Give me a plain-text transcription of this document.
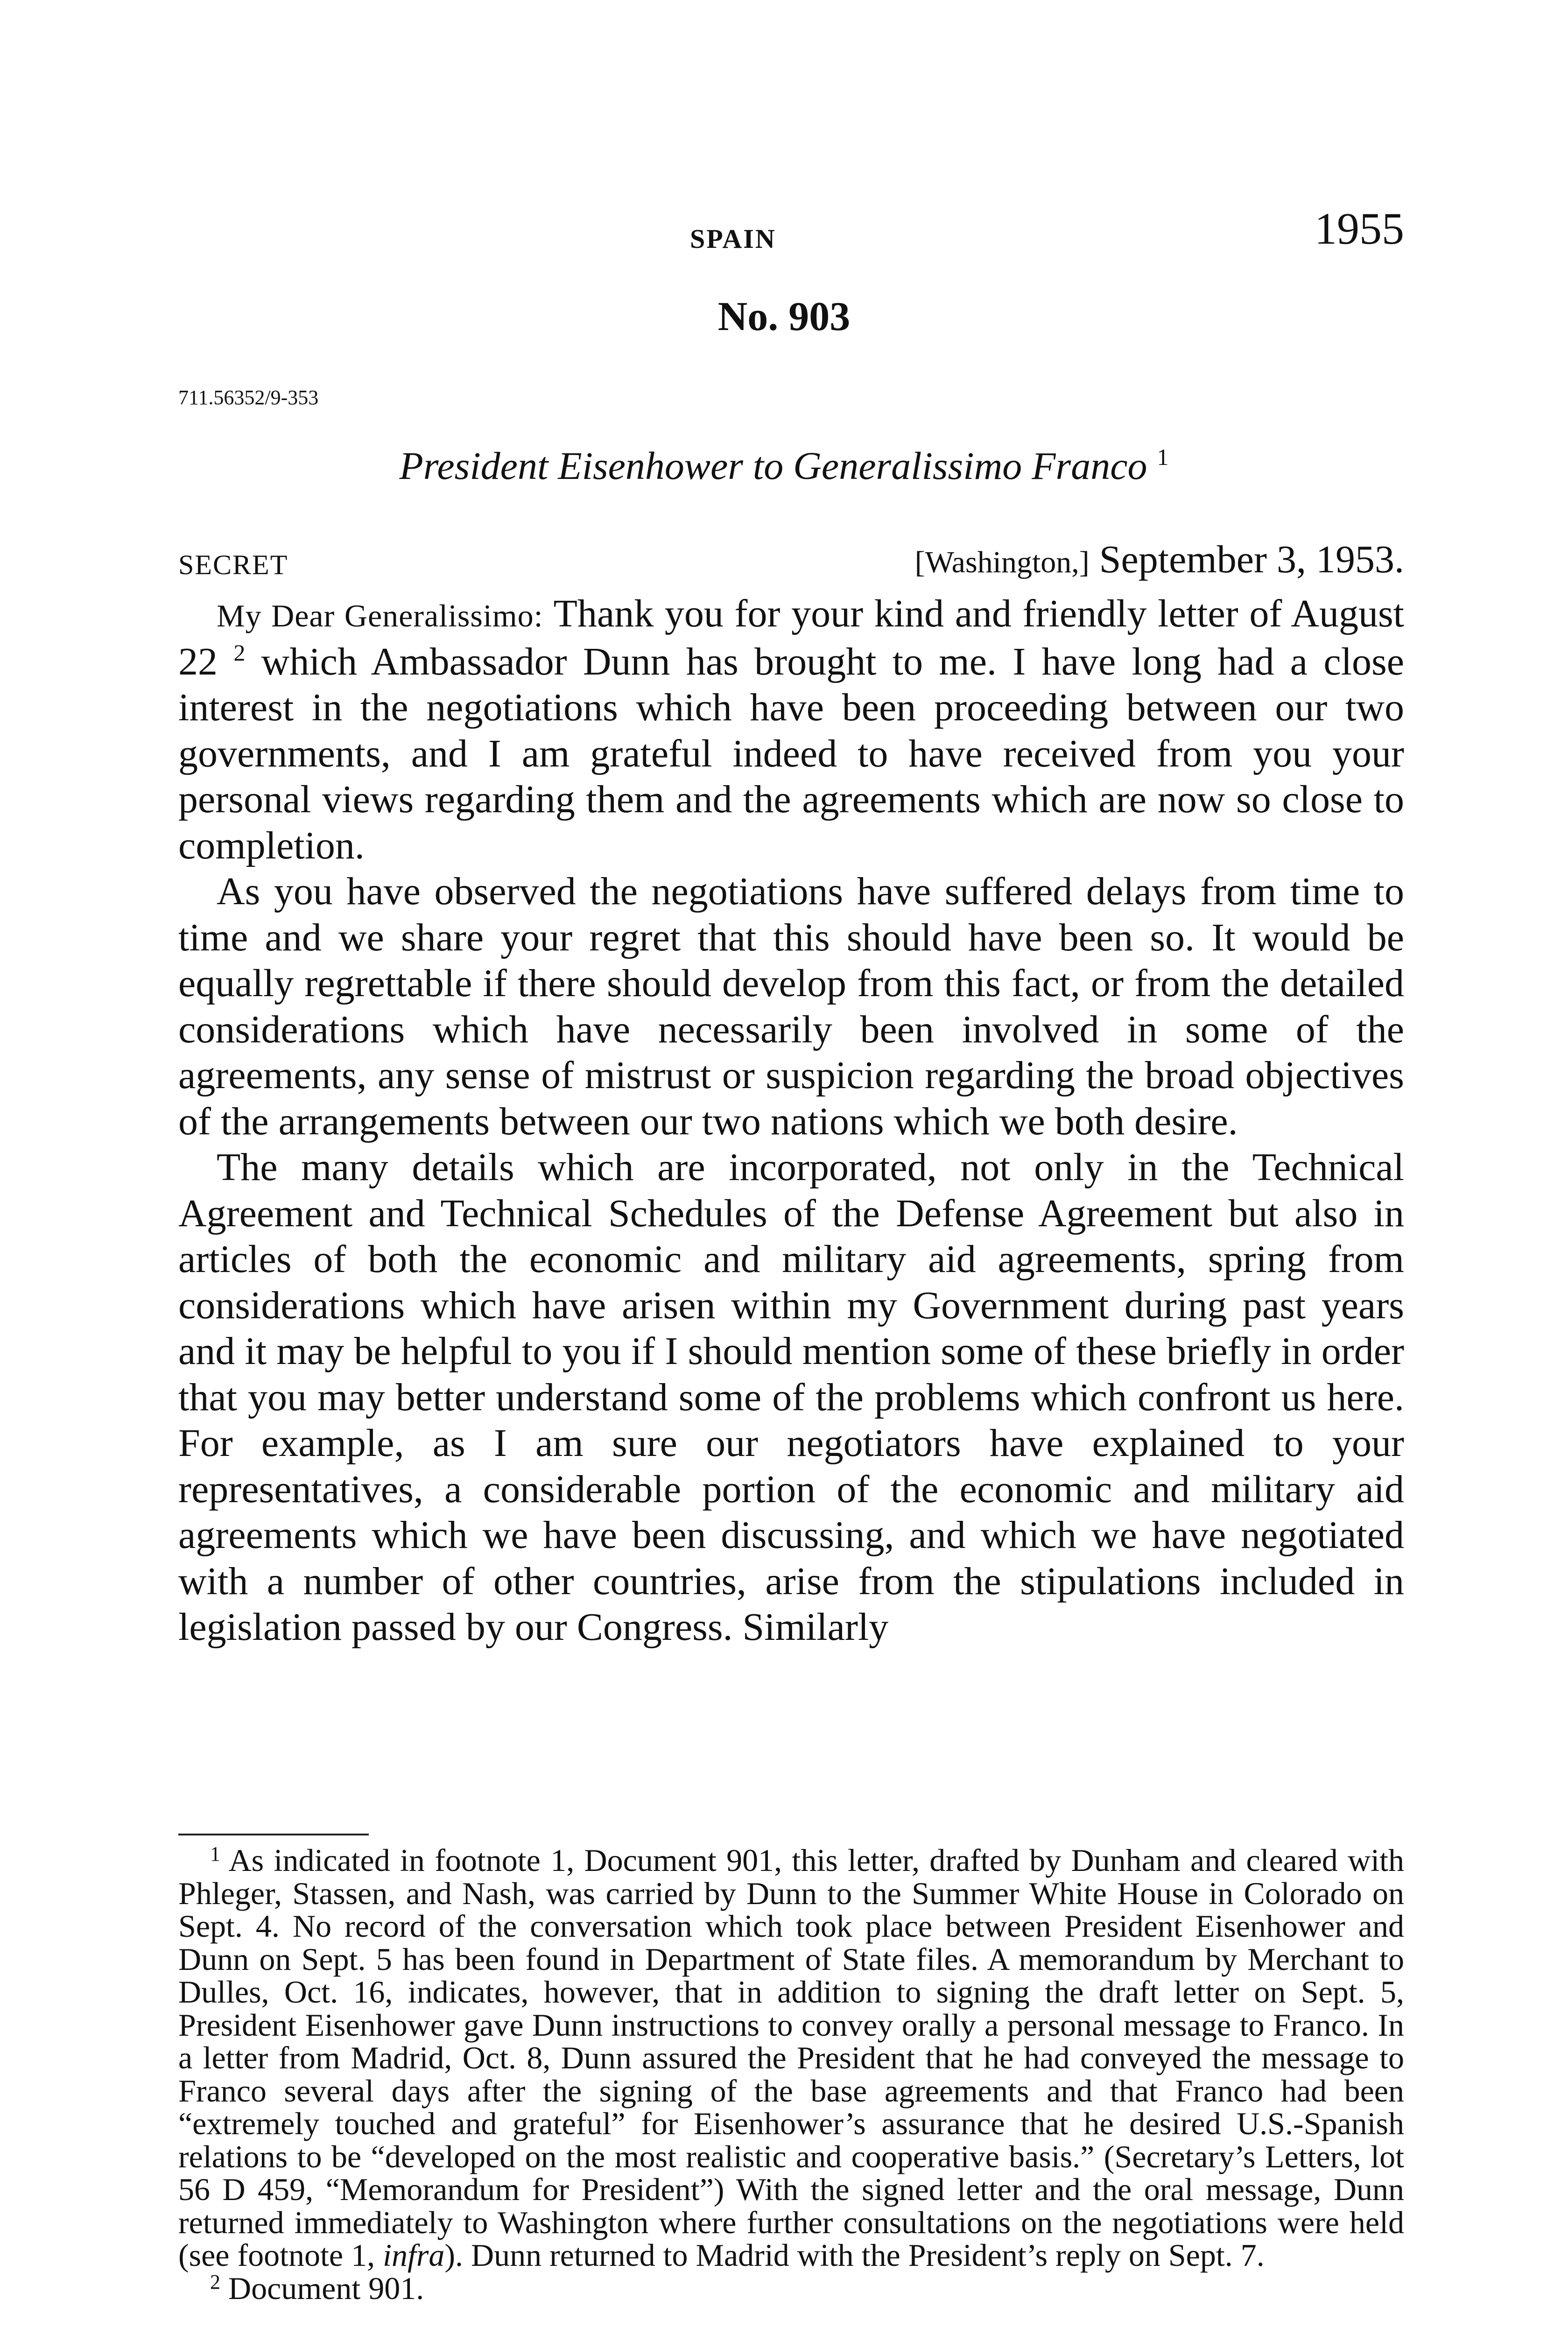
SPAIN	1955
No. 903
711.56352/9-353
President Eisenhower to Generalissimo Franco $^1$
SECRET	[Washington,] September 3, 1953.

My Dear Generalissimo: Thank you for your kind and friendly letter of August 22 $^2$ which Ambassador Dunn has brought to me. I have long had a close interest in the negotiations which have been proceeding between our two governments, and I am grateful indeed to have received from you your personal views regarding them and the agreements which are now so close to completion.

As you have observed the negotiations have suffered delays from time to time and we share your regret that this should have been so. It would be equally regrettable if there should develop from this fact, or from the detailed considerations which have necessarily been involved in some of the agreements, any sense of mistrust or suspicion regarding the broad objectives of the arrangements between our two nations which we both desire.

The many details which are incorporated, not only in the Technical Agreement and Technical Schedules of the Defense Agreement but also in articles of both the economic and military aid agreements, spring from considerations which have arisen within my Government during past years and it may be helpful to you if I should mention some of these briefly in order that you may better understand some of the problems which confront us here. For example, as I am sure our negotiators have explained to your representatives, a considerable portion of the economic and military aid agreements which we have been discussing, and which we have negotiated with a number of other countries, arise from the stipulations included in legislation passed by our Congress. Similarly

$^1$ As indicated in footnote 1, Document 901, this letter, drafted by Dunham and cleared with Phleger, Stassen, and Nash, was carried by Dunn to the Summer White House in Colorado on Sept. 4. No record of the conversation which took place between President Eisenhower and Dunn on Sept. 5 has been found in Department of State files. A memorandum by Merchant to Dulles, Oct. 16, indicates, however, that in addition to signing the draft letter on Sept. 5, President Eisenhower gave Dunn instructions to convey orally a personal message to Franco. In a letter from Madrid, Oct. 8, Dunn assured the President that he had conveyed the message to Franco several days after the signing of the base agreements and that Franco had been “extremely touched and grateful” for Eisenhower’s assurance that he desired U.S.-Spanish relations to be “developed on the most realistic and cooperative basis.” (Secretary’s Letters, lot 56 D 459, “Memorandum for President”) With the signed letter and the oral message, Dunn returned immediately to Washington where further consultations on the negotiations were held (see footnote 1, infra). Dunn returned to Madrid with the President’s reply on Sept. 7.

$^2$ Document 901.
